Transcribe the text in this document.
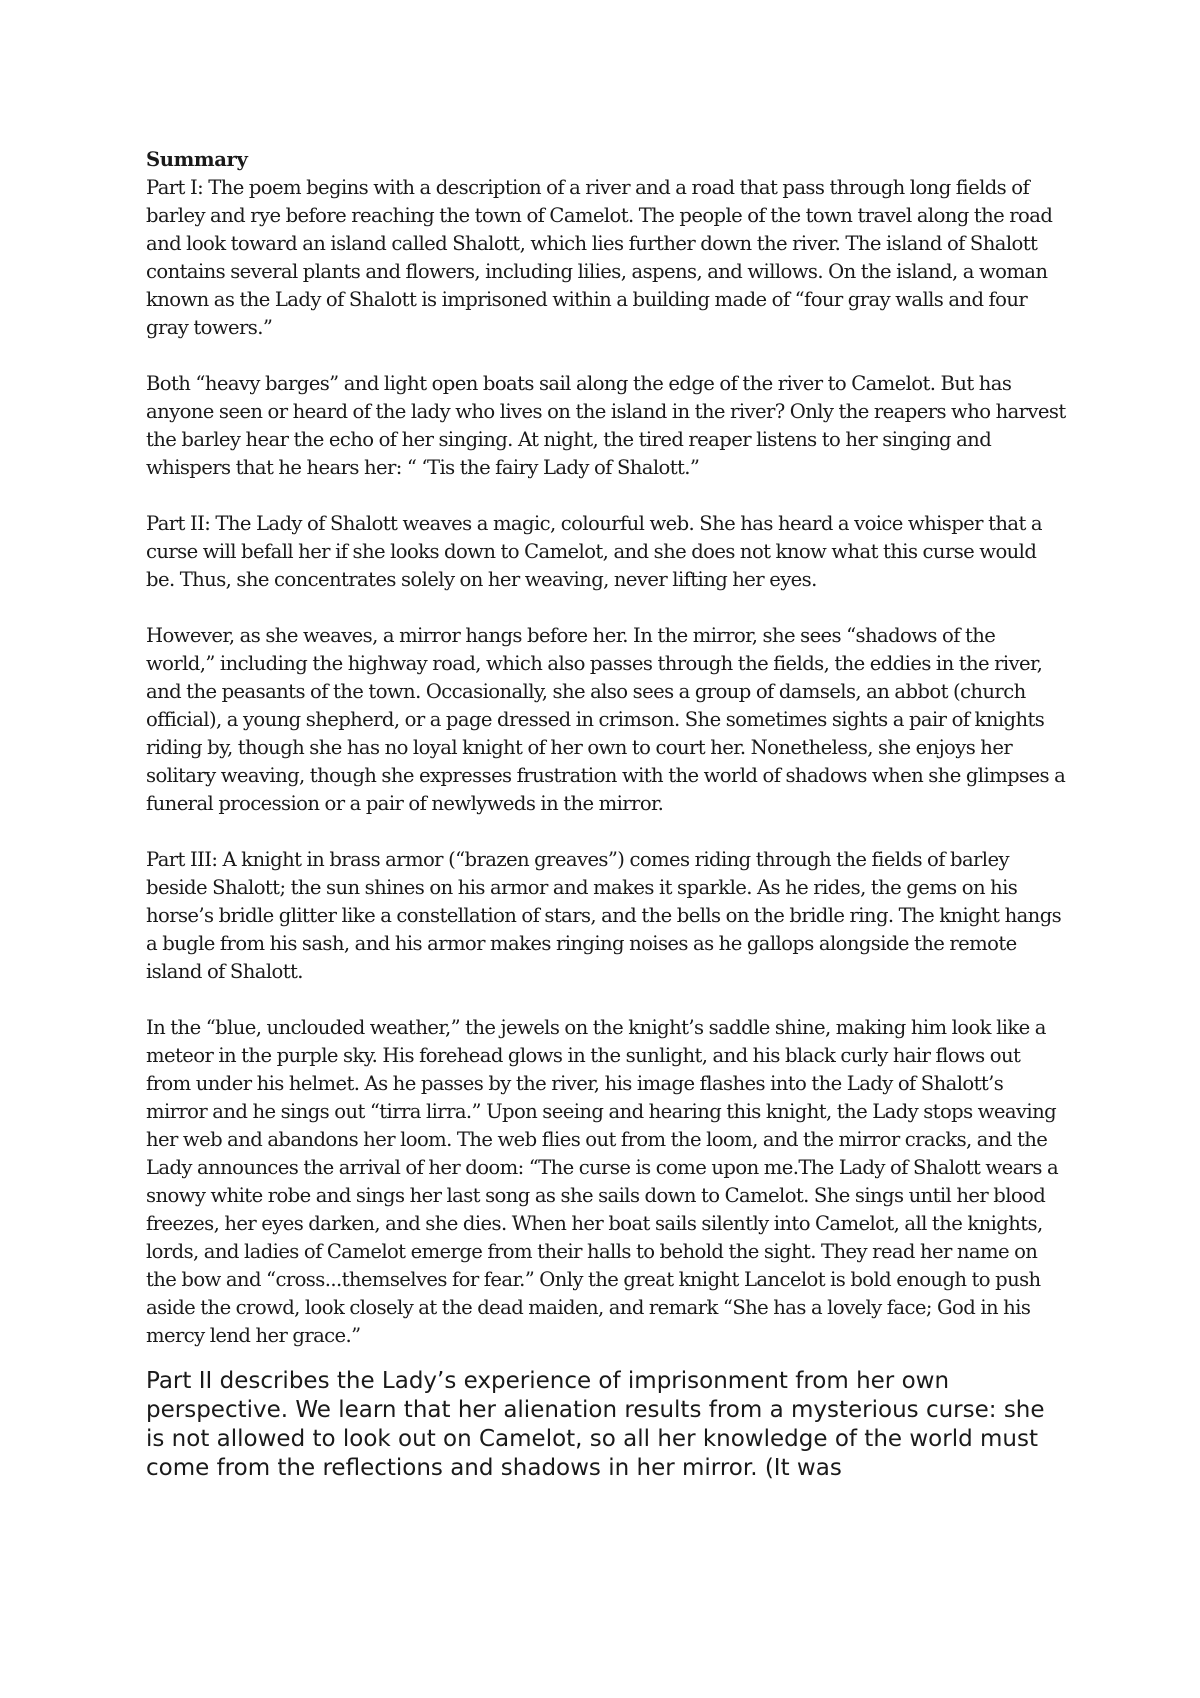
Summary

Part I: The poem begins with a description of a river and a road that pass through long fields of barley and rye before reaching the town of Camelot. The people of the town travel along the road and look toward an island called Shalott, which lies further down the river. The island of Shalott contains several plants and flowers, including lilies, aspens, and willows. On the island, a woman known as the Lady of Shalott is imprisoned within a building made of “four gray walls and four gray towers.”

Both “heavy barges” and light open boats sail along the edge of the river to Camelot. But has anyone seen or heard of the lady who lives on the island in the river? Only the reapers who harvest the barley hear the echo of her singing. At night, the tired reaper listens to her singing and whispers that he hears her: “ ‘Tis the fairy Lady of Shalott.”

Part II: The Lady of Shalott weaves a magic, colourful web. She has heard a voice whisper that a curse will befall her if she looks down to Camelot, and she does not know what this curse would be. Thus, she concentrates solely on her weaving, never lifting her eyes.

However, as she weaves, a mirror hangs before her. In the mirror, she sees “shadows of the world,” including the highway road, which also passes through the fields, the eddies in the river, and the peasants of the town. Occasionally, she also sees a group of damsels, an abbot (church official), a young shepherd, or a page dressed in crimson. She sometimes sights a pair of knights riding by, though she has no loyal knight of her own to court her. Nonetheless, she enjoys her solitary weaving, though she expresses frustration with the world of shadows when she glimpses a funeral procession or a pair of newlyweds in the mirror.

Part III: A knight in brass armor (“brazen greaves”) comes riding through the fields of barley beside Shalott; the sun shines on his armor and makes it sparkle. As he rides, the gems on his horse’s bridle glitter like a constellation of stars, and the bells on the bridle ring. The knight hangs a bugle from his sash, and his armor makes ringing noises as he gallops alongside the remote island of Shalott.

In the “blue, unclouded weather,” the jewels on the knight’s saddle shine, making him look like a meteor in the purple sky. His forehead glows in the sunlight, and his black curly hair flows out from under his helmet. As he passes by the river, his image flashes into the Lady of Shalott’s mirror and he sings out “tirra lirra.” Upon seeing and hearing this knight, the Lady stops weaving her web and abandons her loom. The web flies out from the loom, and the mirror cracks, and the Lady announces the arrival of her doom: “The curse is come upon me.The Lady of Shalott wears a snowy white robe and sings her last song as she sails down to Camelot. She sings until her blood freezes, her eyes darken, and she dies. When her boat sails silently into Camelot, all the knights, lords, and ladies of Camelot emerge from their halls to behold the sight. They read her name on the bow and “cross...themselves for fear.” Only the great knight Lancelot is bold enough to push aside the crowd, look closely at the dead maiden, and remark “She has a lovely face; God in his mercy lend her grace.”

Part II describes the Lady’s experience of imprisonment from her own perspective. We learn that her alienation results from a mysterious curse: she is not allowed to look out on Camelot, so all her knowledge of the world must come from the reflections and shadows in her mirror. (It was
